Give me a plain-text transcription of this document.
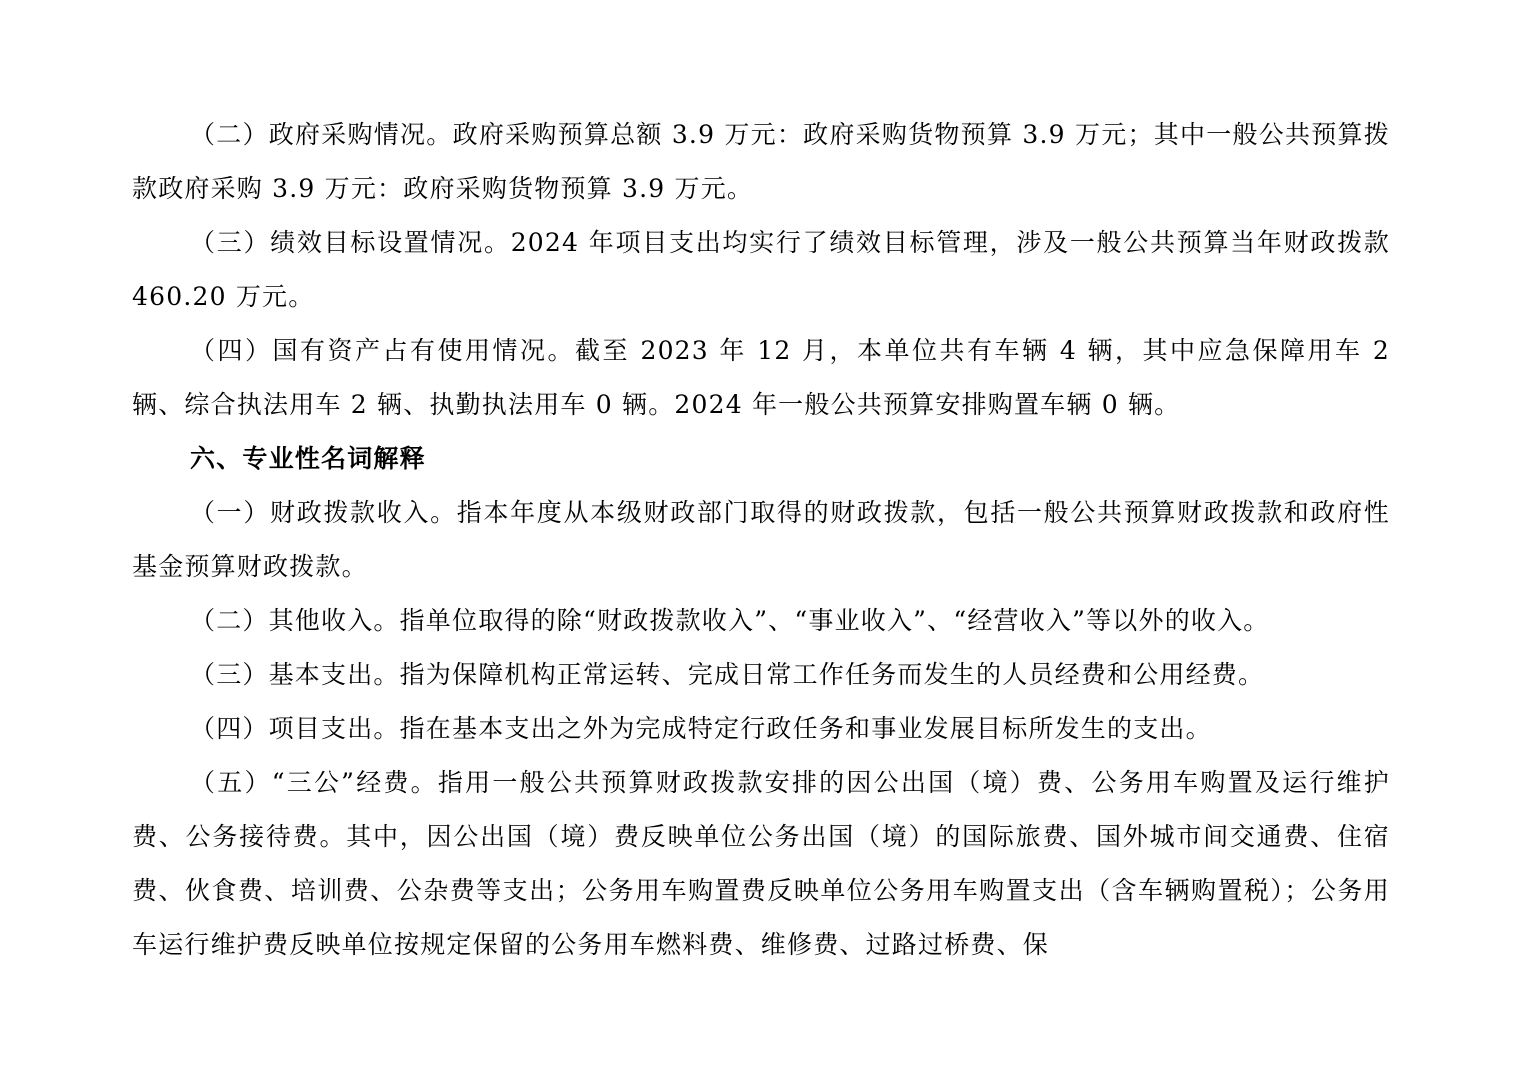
（二）政府采购情况。政府采购预算总额 3.9 万元：政府采购货物预算 3.9 万元；其中一般公共预算拨款政府采购 3.9 万元：政府采购货物预算 3.9 万元。

（三）绩效目标设置情况。2024 年项目支出均实行了绩效目标管理，涉及一般公共预算当年财政拨款 460.20 万元。

（四）国有资产占有使用情况。截至 2023 年 12 月，本单位共有车辆 4 辆，其中应急保障用车 2 辆、综合执法用车 2 辆、执勤执法用车 0 辆。2024 年一般公共预算安排购置车辆 0 辆。

六、专业性名词解释

（一）财政拨款收入。指本年度从本级财政部门取得的财政拨款，包括一般公共预算财政拨款和政府性基金预算财政拨款。

（二）其他收入。指单位取得的除“财政拨款收入”、“事业收入”、“经营收入”等以外的收入。

（三）基本支出。指为保障机构正常运转、完成日常工作任务而发生的人员经费和公用经费。

（四）项目支出。指在基本支出之外为完成特定行政任务和事业发展目标所发生的支出。

（五）“三公”经费。指用一般公共预算财政拨款安排的因公出国（境）费、公务用车购置及运行维护费、公务接待费。其中，因公出国（境）费反映单位公务出国（境）的国际旅费、国外城市间交通费、住宿费、伙食费、培训费、公杂费等支出；公务用车购置费反映单位公务用车购置支出（含车辆购置税）；公务用车运行维护费反映单位按规定保留的公务用车燃料费、维修费、过路过桥费、保
